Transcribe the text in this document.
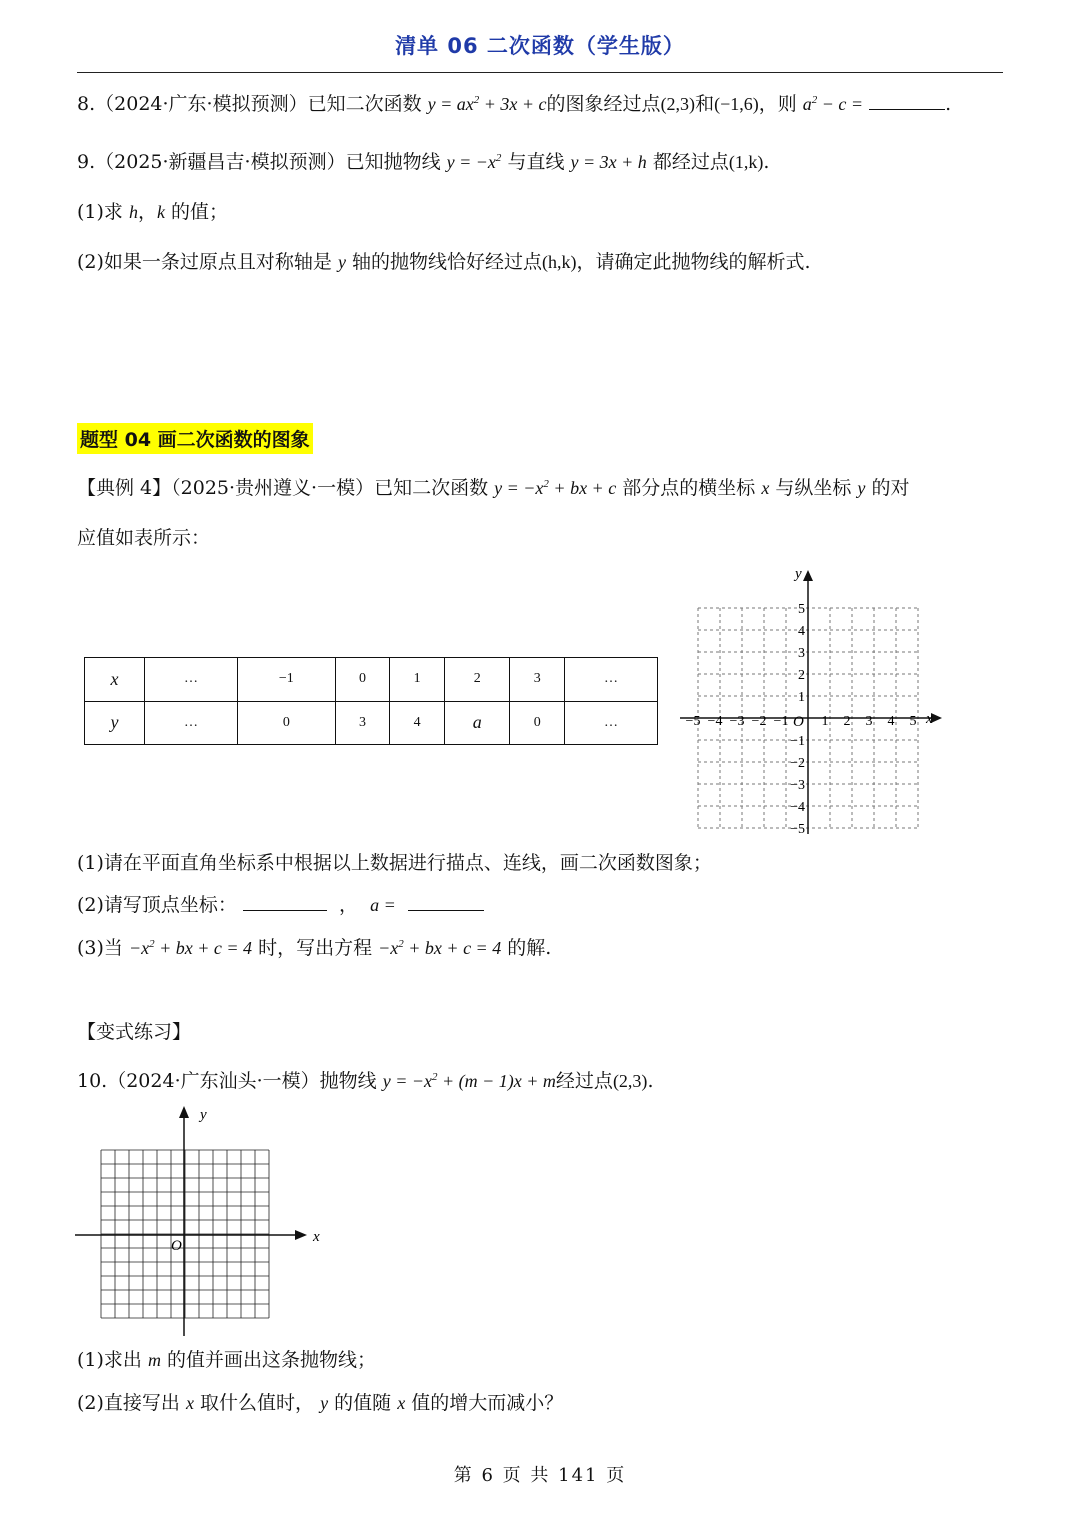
清单 06 二次函数（学生版）
8.（2024·广东·模拟预测）已知二次函数 $y = ax^2 + 3x + c$的图象经过点(2,3)和(−1,6)，则 $a^2 - c$ =	.
9.（2025·新疆昌吉·模拟预测）已知抛物线 $y = -x^2$ 与直线 y = 3x + h 都经过点(1,k).
(1)求 h，k 的值；
(2)如果一条过原点且对称轴是 y 轴的抛物线恰好经过点(h,k)，请确定此抛物线的解析式.
题型 04 画二次函数的图象
【典例 4】（2025·贵州遵义·一模）已知二次函数 $y = -x^2$ + bx + c 部分点的横坐标 x 与纵坐标 y 的对
应值如表所示：
x	…	−1	0	1	2	3	…
y	…	0	3	4	a	0	…	−5 −4 −3 −2 −1 1 2 3 4 5
5
4
3
2
1
−1
−2
−3
−4
−5
x
y
O
(1)请在平面直角坐标系中根据以上数据进行描点、连线，画二次函数图象；
(2)请写顶点坐标：	， a =
(3)当 $-x^2$ + bx + c = 4 时，写出方程 $-x^2$ + bx + c = 4 的解.
【变式练习】
10.（2024·广东汕头·一模）抛物线 $y = -x^2 + (m - 1)x + m$经过点(2,3).
x
y
O
(1)求出 m 的值并画出这条抛物线；
(2)直接写出 x 取什么值时， y 的值随 x 值的增大而减小？
第 6 页 共 141 页
